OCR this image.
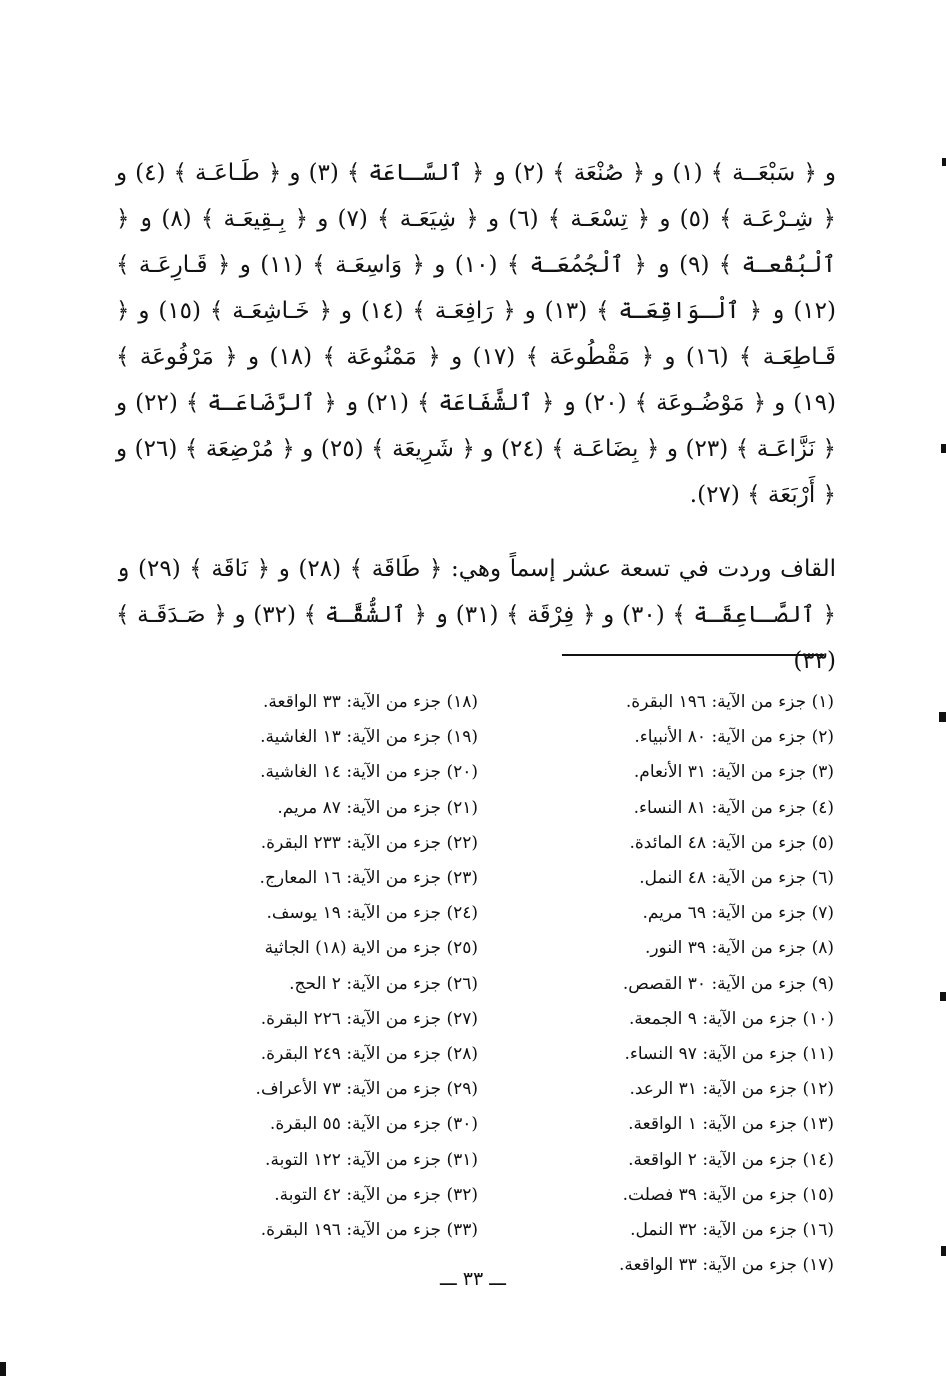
و ﴿ سَبْعَــة ﴾ (١) و ﴿ صُنْعَة ﴾ (٢) و ﴿ ٱلسَّـاعَة ﴾ (٣) و ﴿ طَـاعَـة ﴾ (٤) و ﴿ شِـرْعَـة ﴾ (٥) و ﴿ تِسْعَـة ﴾ (٦) و ﴿ شِيَعَـة ﴾ (٧) و ﴿ بِـقِيعَـة ﴾ (٨) و ﴿ ٱلْبُقْعـة ﴾ (٩) و ﴿ ٱلْجُمُعَـة ﴾ (١٠) و ﴿ وَاسِعَـة ﴾ (١١) و ﴿ قَـارِعَـة ﴾ (١٢) و ﴿ ٱلْـوَاقِعَـة ﴾ (١٣) و ﴿ رَافِعَـة ﴾ (١٤) و ﴿ خَـاشِعَـة ﴾ (١٥) و ﴿ قَـاطِعَـة ﴾ (١٦) و ﴿ مَقْطُوعَة ﴾ (١٧) و ﴿ مَمْنُوعَة ﴾ (١٨) و ﴿ مَرْفُوعَة ﴾ (١٩) و ﴿ مَوْضُـوعَة ﴾ (٢٠) و ﴿ ٱلشَّفَاعَة ﴾ (٢١) و ﴿ ٱلرَّضَاعَـة ﴾ (٢٢) و ﴿ نَزَّاعَـة ﴾ (٢٣) و ﴿ بِضَاعَـة ﴾ (٢٤) و ﴿ شَرِيعَة ﴾ (٢٥) و ﴿ مُرْضِعَة ﴾ (٢٦) و ﴿ أَرْبَعَة ﴾ (٢٧).

القاف وردت في تسعة عشر إسماً وهي: ﴿ طَاقَة ﴾ (٢٨) و ﴿ نَاقَة ﴾ (٢٩) و ﴿ ٱلصَّـاعِقَـة ﴾ (٣٠) و ﴿ فِرْقَة ﴾ (٣١) و ﴿ ٱلشُّقَّـة ﴾ (٣٢) و ﴿ صَـدَقَـة ﴾ (٣٣)

(١) جزء من الآية: ١٩٦ البقرة.
(٢) جزء من الآية: ٨٠ الأنبياء.
(٣) جزء من الآية: ٣١ الأنعام.
(٤) جزء من الآية: ٨١ النساء.
(٥) جزء من الآية: ٤٨ المائدة.
(٦) جزء من الآية: ٤٨ النمل.
(٧) جزء من الآية: ٦٩ مريم.
(٨) جزء من الآية: ٣٩ النور.
(٩) جزء من الآية: ٣٠ القصص.
(١٠) جزء من الآية: ٩ الجمعة.
(١١) جزء من الآية: ٩٧ النساء.
(١٢) جزء من الآية: ٣١ الرعد.
(١٣) جزء من الآية: ١ الواقعة.
(١٤) جزء من الآية: ٢ الواقعة.
(١٥) جزء من الآية: ٣٩ فصلت.
(١٦) جزء من الآية: ٣٢ النمل.
(١٧) جزء من الآية: ٣٣ الواقعة.
(١٨) جزء من الآية: ٣٣ الواقعة.
(١٩) جزء من الآية: ١٣ الغاشية.
(٢٠) جزء من الآية: ١٤ الغاشية.
(٢١) جزء من الآية: ٨٧ مريم.
(٢٢) جزء من الآية: ٢٣٣ البقرة.
(٢٣) جزء من الآية: ١٦ المعارج.
(٢٤) جزء من الآية: ١٩ يوسف.
(٢٥) جزء من الاية (١٨) الجاثية
(٢٦) جزء من الآية: ٢ الحج.
(٢٧) جزء من الآية: ٢٢٦ البقرة.
(٢٨) جزء من الآية: ٢٤٩ البقرة.
(٢٩) جزء من الآية: ٧٣ الأعراف.
(٣٠) جزء من الآية: ٥٥ البقرة.
(٣١) جزء من الآية: ١٢٢ التوبة.
(٣٢) جزء من الآية: ٤٢ التوبة.
(٣٣) جزء من الآية: ١٩٦ البقرة.
ـــ ٣٣ ـــ
